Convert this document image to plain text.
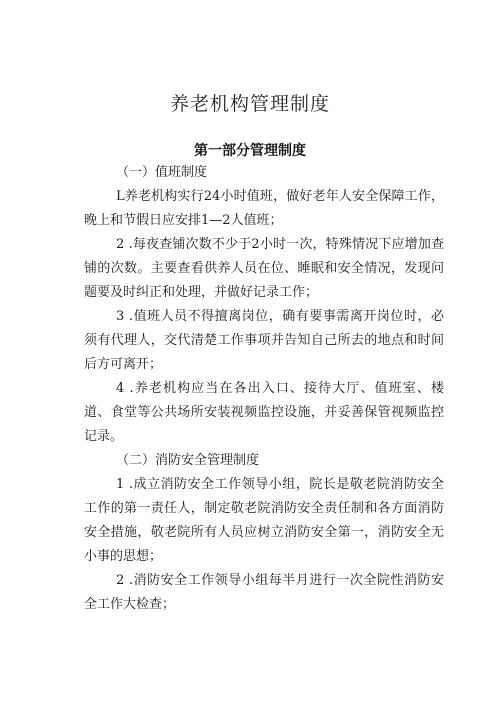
养老机构管理制度
第一部分管理制度

（一）值班制度

L养老机构实行24小时值班，做好老年人安全保障工作，晚上和节假日应安排1—2人值班；

2 .每夜查铺次数不少于2小时一次，特殊情况下应增加查铺的次数。主要查看供养人员在位、睡眠和安全情况，发现问题要及时纠正和处理，并做好记录工作；

3 .值班人员不得擅离岗位，确有要事需离开岗位时，必须有代理人，交代清楚工作事项并告知自己所去的地点和时间后方可离开；

4 .养老机构应当在各出入口、接待大厅、值班室、楼道、食堂等公共场所安装视频监控设施，并妥善保管视频监控记录。

（二）消防安全管理制度

1 .成立消防安全工作领导小组，院长是敬老院消防安全工作的第一责任人，制定敬老院消防安全责任制和各方面消防安全措施，敬老院所有人员应树立消防安全第一，消防安全无小事的思想；

2 .消防安全工作领导小组每半月进行一次全院性消防安全工作大检查；
